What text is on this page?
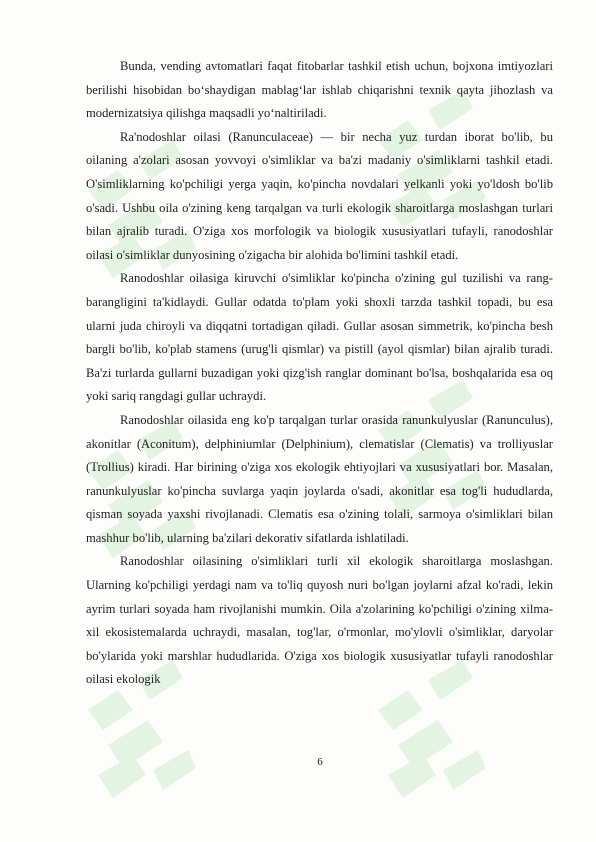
Bunda, vending avtomatlari faqat fitobarlar tashkil etish uchun, bojxona imtiyozlari berilishi hisobidan bo‘shaydigan mablag‘lar ishlab chiqarishni texnik qayta jihozlash va modernizatsiya qilishga maqsadli yo‘naltiriladi.

Ra'nodoshlar oilasi (Ranunculaceae) — bir necha yuz turdan iborat bo'lib, bu oilaning a'zolari asosan yovvoyi o'simliklar va ba'zi madaniy o'simliklarni tashkil etadi. O'simliklarning ko'pchiligi yerga yaqin, ko'pincha novdalari yelkanli yoki yo'ldosh bo'lib o'sadi. Ushbu oila o'zining keng tarqalgan va turli ekologik sharoitlarga moslashgan turlari bilan ajralib turadi. O'ziga xos morfologik va biologik xususiyatlari tufayli, ranodoshlar oilasi o'simliklar dunyosining o'zigacha bir alohida bo'limini tashkil etadi.

Ranodoshlar oilasiga kiruvchi o'simliklar ko'pincha o'zining gul tuzilishi va rang-barangligini ta'kidlaydi. Gullar odatda to'plam yoki shoxli tarzda tashkil topadi, bu esa ularni juda chiroyli va diqqatni tortadigan qiladi. Gullar asosan simmetrik, ko'pincha besh bargli bo'lib, ko'plab stamens (urug'li qismlar) va pistill (ayol qismlar) bilan ajralib turadi. Ba'zi turlarda gullarni buzadigan yoki qizg'ish ranglar dominant bo'lsa, boshqalarida esa oq yoki sariq rangdagi gullar uchraydi.

Ranodoshlar oilasida eng ko'p tarqalgan turlar orasida ranunkulyuslar (Ranunculus), akonitlar (Aconitum), delphiniumlar (Delphinium), clematislar (Clematis) va trolliyuslar (Trollius) kiradi. Har birining o'ziga xos ekologik ehtiyojlari va xususiyatlari bor. Masalan, ranunkulyuslar ko'pincha suvlarga yaqin joylarda o'sadi, akonitlar esa tog'li hududlarda, qisman soyada yaxshi rivojlanadi. Clematis esa o'zining tolali, sarmoya o'simliklari bilan mashhur bo'lib, ularning ba'zilari dekorativ sifatlarda ishlatiladi.

Ranodoshlar oilasining o'simliklari turli xil ekologik sharoitlarga moslashgan. Ularning ko'pchiligi yerdagi nam va to'liq quyosh nuri bo'lgan joylarni afzal ko'radi, lekin ayrim turlari soyada ham rivojlanishi mumkin. Oila a'zolarining ko'pchiligi o'zining xilma-xil ekosistemalarda uchraydi, masalan, tog'lar, o'rmonlar, mo'ylovli o'simliklar, daryolar bo'ylarida yoki marshlar hududlarida. O'ziga xos biologik xususiyatlar tufayli ranodoshlar oilasi ekologik

6
